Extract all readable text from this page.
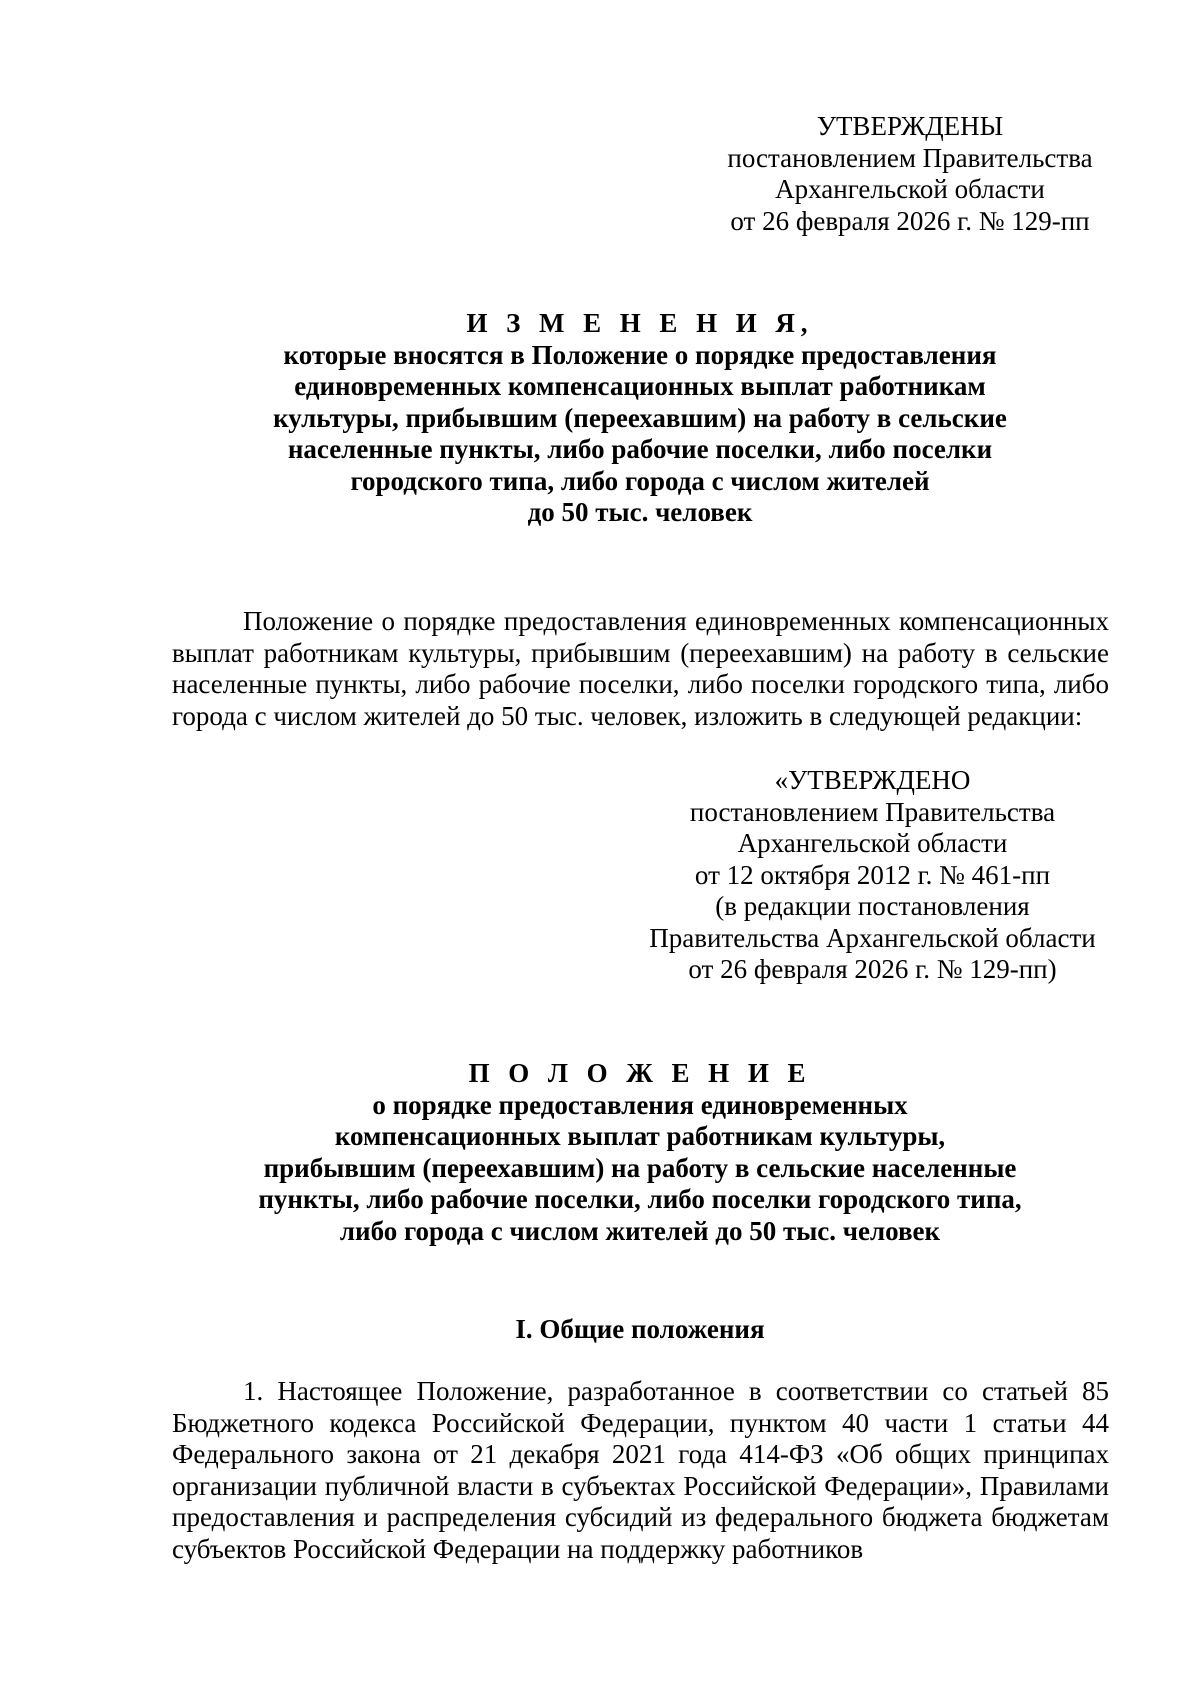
УТВЕРЖДЕНЫ
постановлением Правительства
Архангельской области
от 26 февраля 2026 г. № 129-пп
И З М Е Н Е Н И Я,
которые вносятся в Положение о порядке предоставления
единовременных компенсационных выплат работникам
культуры, прибывшим (переехавшим) на работу в сельские
населенные пункты, либо рабочие поселки, либо поселки
городского типа, либо города с числом жителей
до 50 тыс. человек
Положение о порядке предоставления единовременных компенсационных выплат работникам культуры, прибывшим (переехавшим) на работу в сельские населенные пункты, либо рабочие поселки, либо поселки городского типа, либо города с числом жителей до 50 тыс. человек, изложить в следующей редакции:
«УТВЕРЖДЕНО
постановлением Правительства
Архангельской области
от 12 октября 2012 г. № 461-пп
(в редакции постановления
Правительства Архангельской области
от 26 февраля 2026 г. № 129-пп)
П О Л О Ж Е Н И Е
о порядке предоставления единовременных
компенсационных выплат работникам культуры,
прибывшим (переехавшим) на работу в сельские населенные
пункты, либо рабочие поселки, либо поселки городского типа,
либо города с числом жителей до 50 тыс. человек
I. Общие положения
1. Настоящее Положение, разработанное в соответствии со статьей 85 Бюджетного кодекса Российской Федерации, пунктом 40 части 1 статьи 44 Федерального закона от 21 декабря 2021 года 414-ФЗ «Об общих принципах организации публичной власти в субъектах Российской Федерации», Правилами предоставления и распределения субсидий из федерального бюджета бюджетам субъектов Российской Федерации на поддержку работников
